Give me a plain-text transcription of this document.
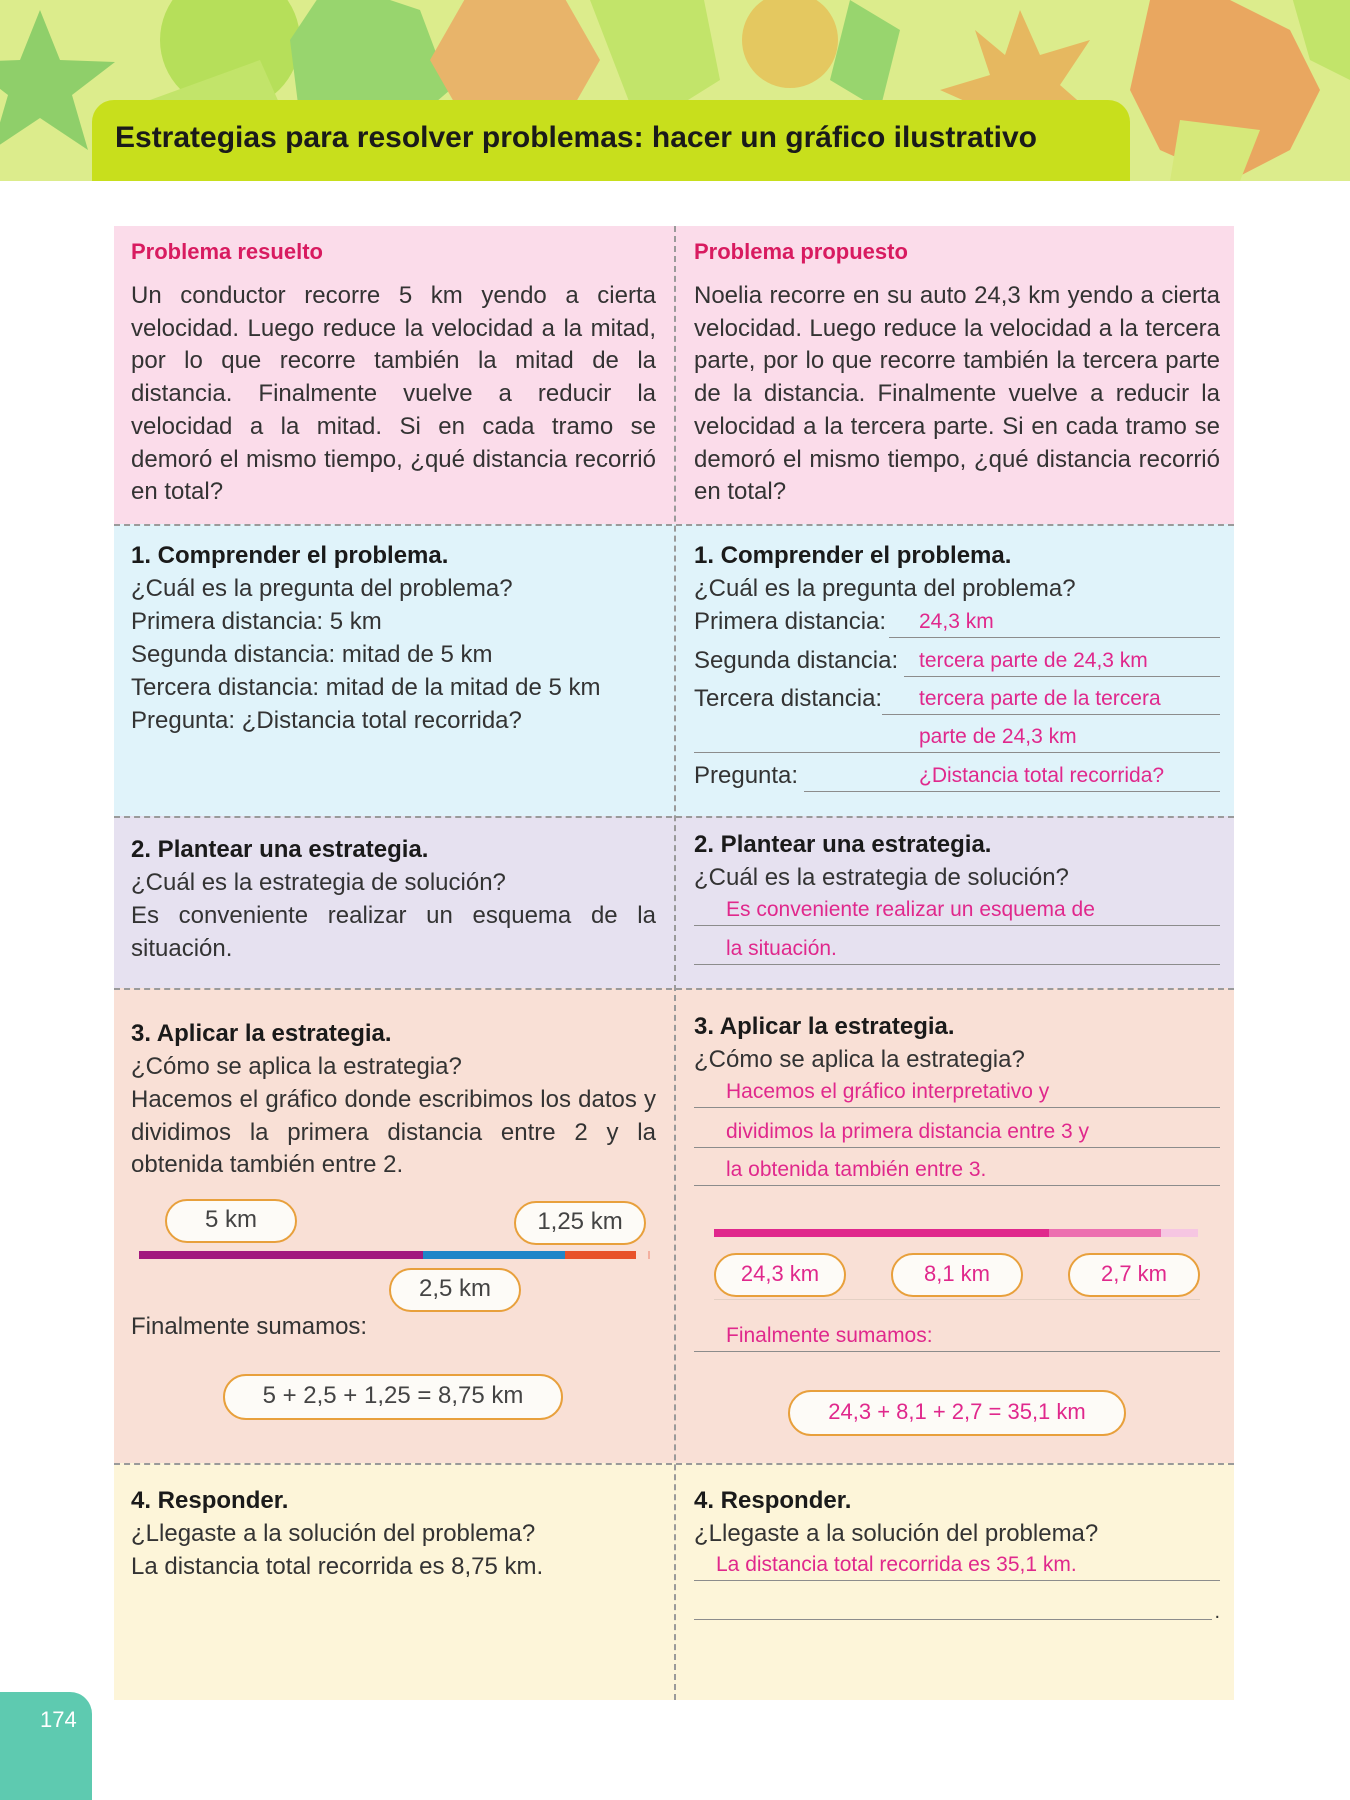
Estrategias para resolver problemas: hacer un gráfico ilustrativo
Problema resuelto
Un conductor recorre 5 km yendo a cierta velocidad. Luego reduce la velocidad a la mitad, por lo que recorre también la mitad de la distancia. Finalmente vuelve a reducir la velocidad a la mitad. Si en cada tramo se demoró el mismo tiempo, ¿qué distancia recorrió en total?
1. Comprender el problema.
¿Cuál es la pregunta del problema?
Primera distancia: 5 km
Segunda distancia: mitad de 5 km
Tercera distancia: mitad de la mitad de 5 km
Pregunta: ¿Distancia total recorrida?
2. Plantear una estrategia.
¿Cuál es la estrategia de solución?
Es conveniente realizar un esquema de la situación.
3. Aplicar la estrategia.
¿Cómo se aplica la estrategia?
Hacemos el gráfico donde escribimos los datos y dividimos la primera distancia entre 2 y la obtenida también entre 2.
5 km	1,25 km
2,5 km
Finalmente sumamos:
5 + 2,5 + 1,25 = 8,75 km
4. Responder.
¿Llegaste a la solución del problema?
La distancia total recorrida es 8,75 km.
Problema propuesto
Noelia recorre en su auto 24,3 km yendo a cierta velocidad. Luego reduce la velocidad a la tercera parte, por lo que recorre también la tercera parte de la distancia. Finalmente vuelve a reducir la velocidad a la tercera parte. Si en cada tramo se demoró el mismo tiempo, ¿qué distancia recorrió en total?
1. Comprender el problema.
¿Cuál es la pregunta del problema?
Primera distancia: 24,3 km
Segunda distancia: tercera parte de 24,3 km
Tercera distancia: tercera parte de la tercera
parte de 24,3 km
Pregunta:	¿Distancia total recorrida?
2. Plantear una estrategia.
¿Cuál es la estrategia de solución?
Es conveniente realizar un esquema de
la situación.
3. Aplicar la estrategia.
¿Cómo se aplica la estrategia?
Hacemos el gráfico interpretativo y
dividimos la primera distancia entre 3 y
la obtenida también entre 3.
24,3 km	8,1 km	2,7 km
Finalmente sumamos:
24,3 + 8,1 + 2,7 = 35,1 km
4. Responder.
¿Llegaste a la solución del problema?
La distancia total recorrida es 35,1 km.
.
174
